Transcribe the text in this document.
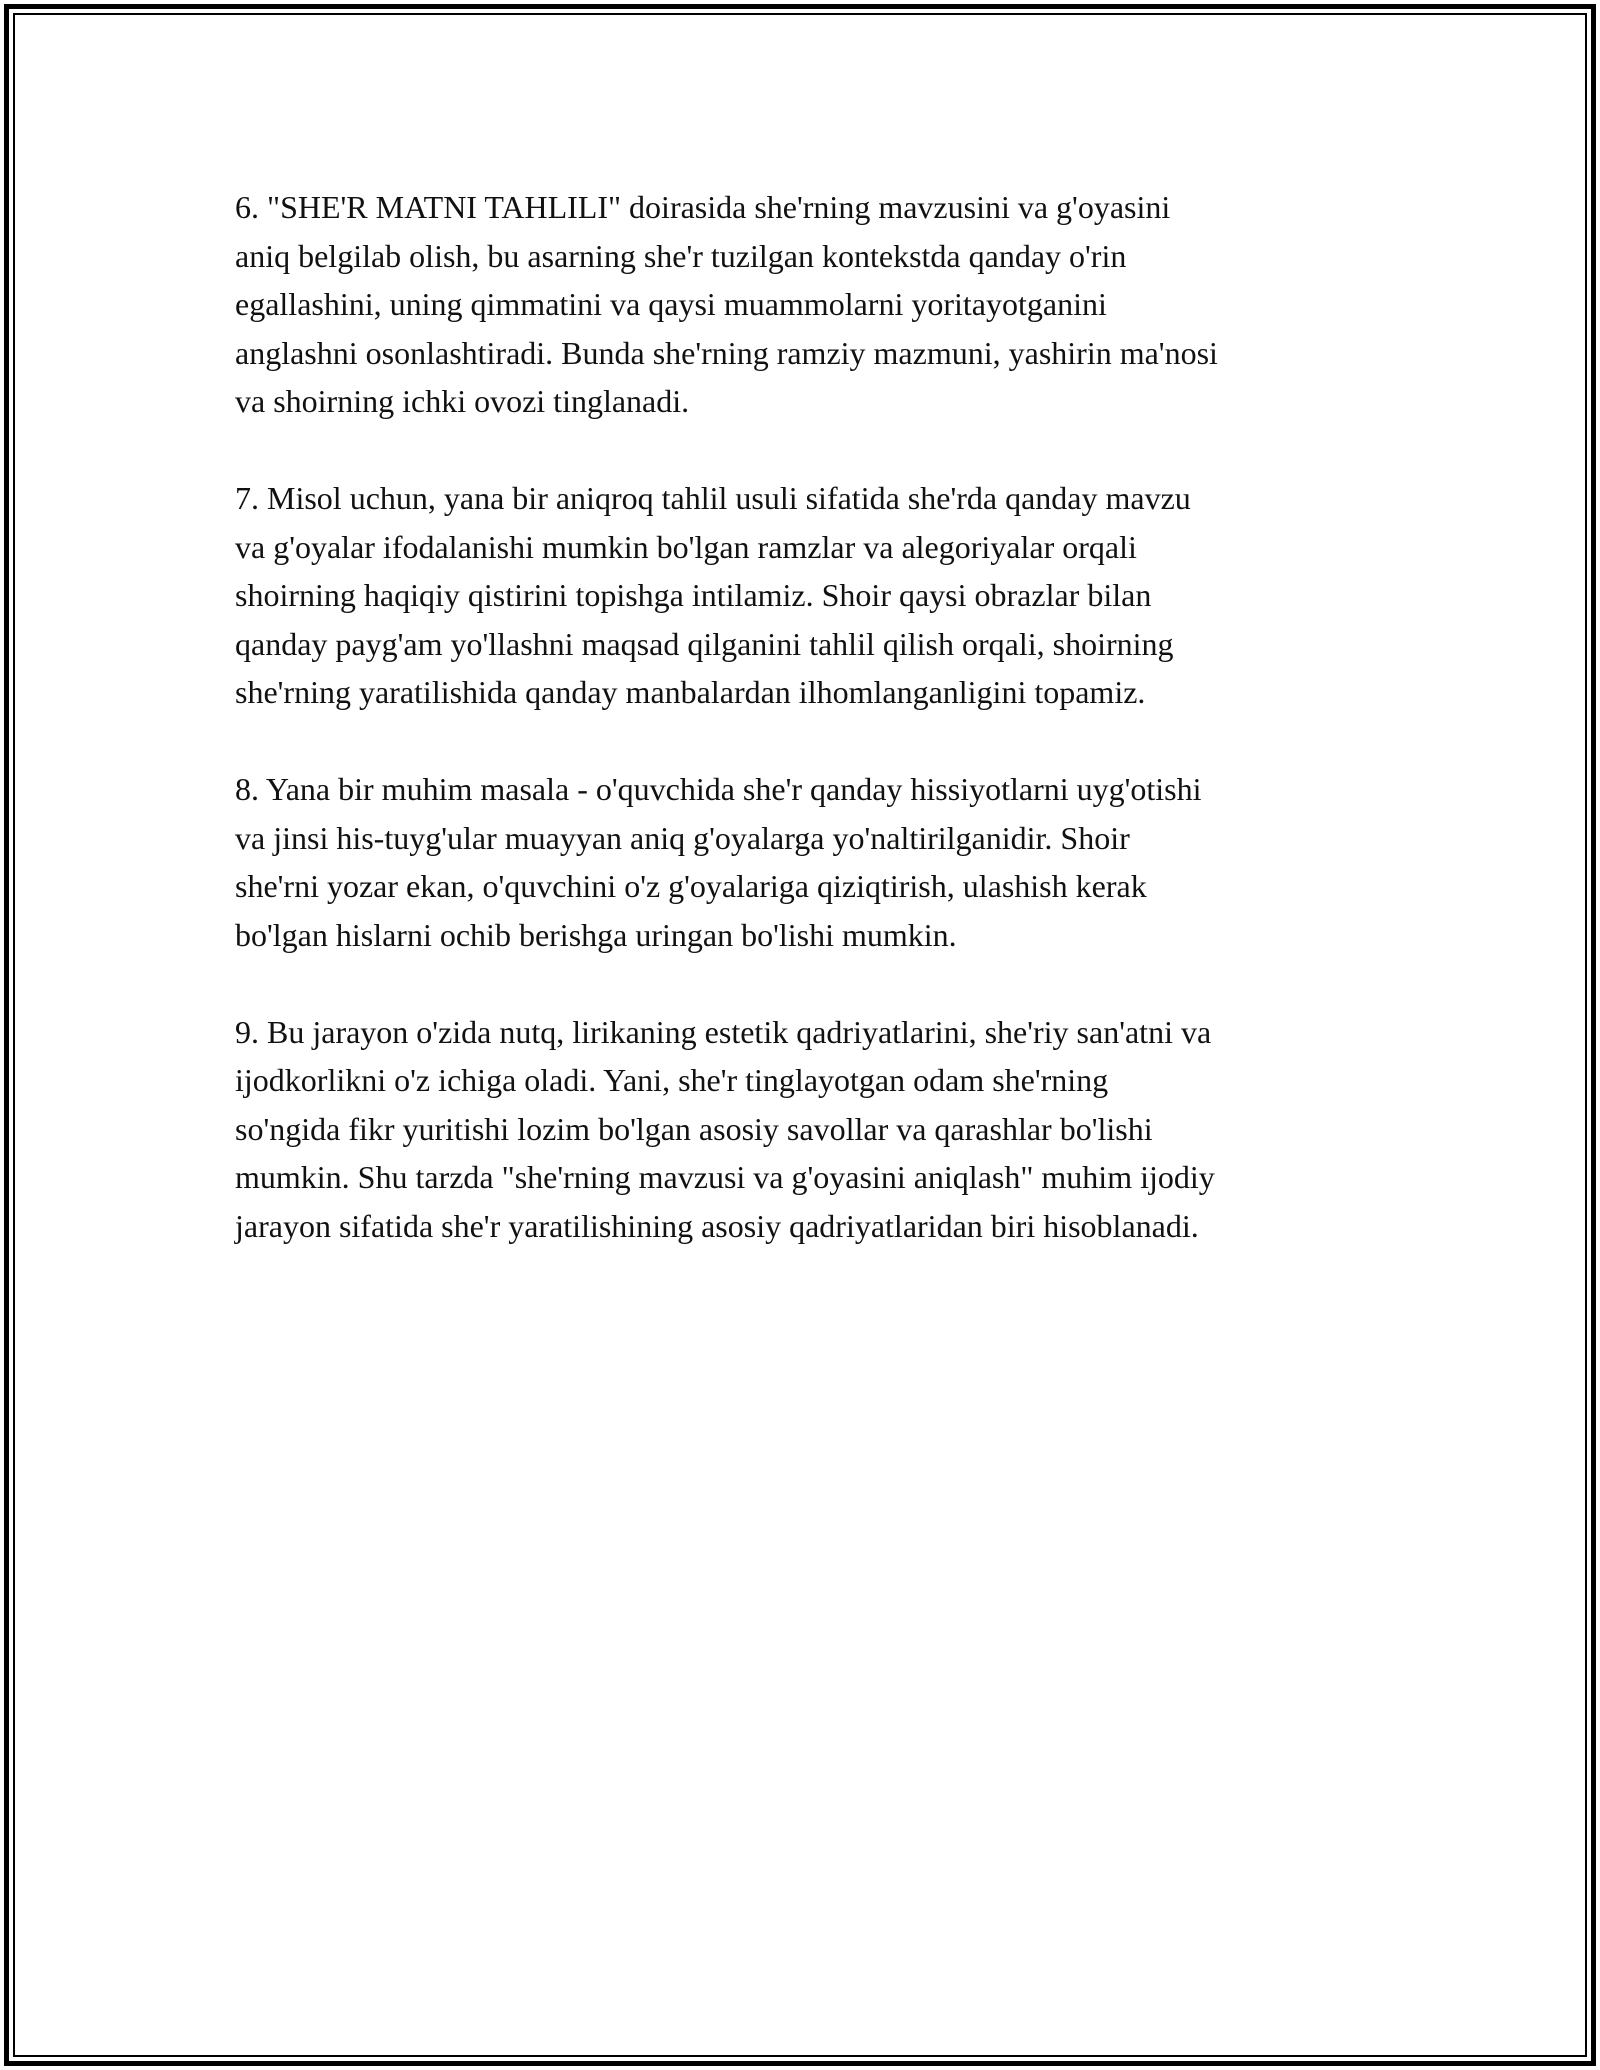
6. "SHE'R MATNI TAHLILI" doirasida she'rning mavzusini va g'oyasini
aniq belgilab olish, bu asarning she'r tuzilgan kontekstda qanday o'rin
egallashini, uning qimmatini va qaysi muammolarni yoritayotganini
anglashni osonlashtiradi. Bunda she'rning ramziy mazmuni, yashirin ma'nosi
va shoirning ichki ovozi tinglanadi.

7. Misol uchun, yana bir aniqroq tahlil usuli sifatida she'rda qanday mavzu
va g'oyalar ifodalanishi mumkin bo'lgan ramzlar va alegoriyalar orqali
shoirning haqiqiy qistirini topishga intilamiz. Shoir qaysi obrazlar bilan
qanday payg'am yo'llashni maqsad qilganini tahlil qilish orqali, shoirning
she'rning yaratilishida qanday manbalardan ilhomlanganligini topamiz.

8. Yana bir muhim masala - o'quvchida she'r qanday hissiyotlarni uyg'otishi
va jinsi his-tuyg'ular muayyan aniq g'oyalarga yo'naltirilganidir. Shoir
she'rni yozar ekan, o'quvchini o'z g'oyalariga qiziqtirish, ulashish kerak
bo'lgan hislarni ochib berishga uringan bo'lishi mumkin.

9. Bu jarayon o'zida nutq, lirikaning estetik qadriyatlarini, she'riy san'atni va
ijodkorlikni o'z ichiga oladi. Yani, she'r tinglayotgan odam she'rning
so'ngida fikr yuritishi lozim bo'lgan asosiy savollar va qarashlar bo'lishi
mumkin. Shu tarzda "she'rning mavzusi va g'oyasini aniqlash" muhim ijodiy
jarayon sifatida she'r yaratilishining asosiy qadriyatlaridan biri hisoblanadi.
